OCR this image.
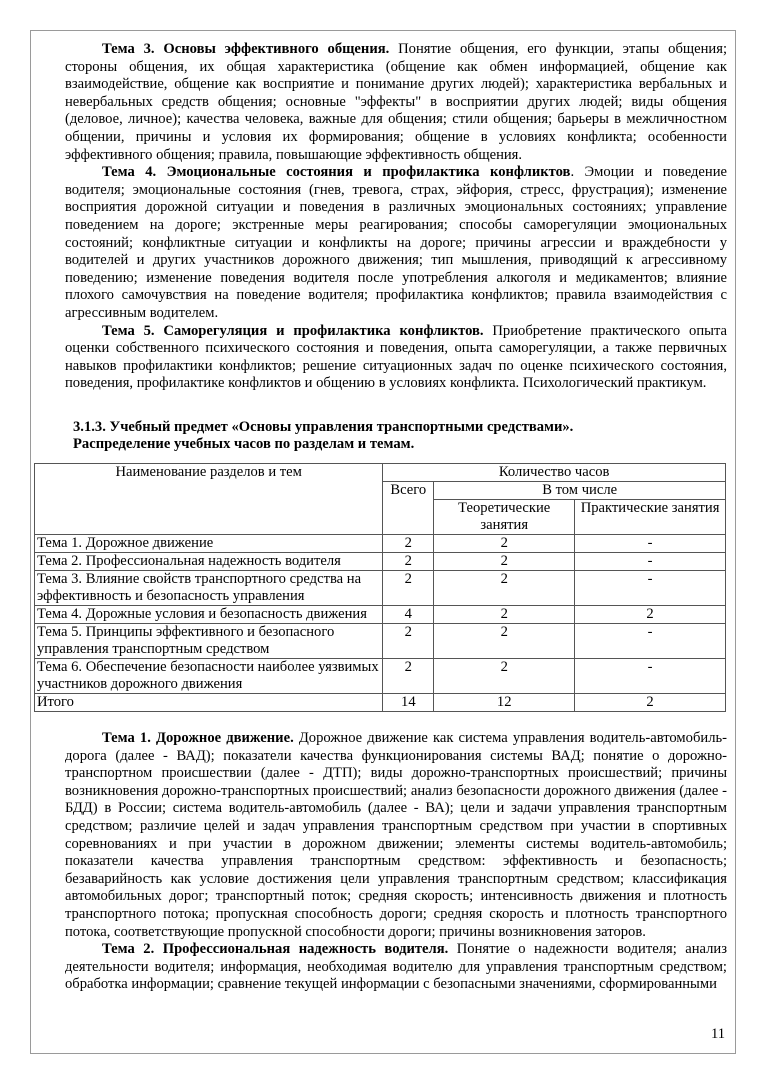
Тема 3. Основы эффективного общения. Понятие общения, его функции, этапы общения; стороны общения, их общая характеристика (общение как обмен информацией, общение как взаимодействие, общение как восприятие и понимание других людей); характеристика вербальных и невербальных средств общения; основные "эффекты" в восприятии других людей; виды общения (деловое, личное); качества человека, важные для общения; стили общения; барьеры в межличностном общении, причины и условия их формирования; общение в условиях конфликта; особенности эффективного общения; правила, повышающие эффективность общения.

Тема 4. Эмоциональные состояния и профилактика конфликтов. Эмоции и поведение водителя; эмоциональные состояния (гнев, тревога, страх, эйфория, стресс, фрустрация); изменение восприятия дорожной ситуации и поведения в различных эмоциональных состояниях; управление поведением на дороге; экстренные меры реагирования; способы саморегуляции эмоциональных состояний; конфликтные ситуации и конфликты на дороге; причины агрессии и враждебности у водителей и других участников дорожного движения; тип мышления, приводящий к агрессивному поведению; изменение поведения водителя после употребления алкоголя и медикаментов; влияние плохого самочувствия на поведение водителя; профилактика конфликтов; правила взаимодействия с агрессивным водителем.

Тема 5. Саморегуляция и профилактика конфликтов. Приобретение практического опыта оценки собственного психического состояния и поведения, опыта саморегуляции, а также первичных навыков профилактики конфликтов; решение ситуационных задач по оценке психического состояния, поведения, профилактике конфликтов и общению в условиях конфликта. Психологический практикум.

3.1.3. Учебный предмет «Основы управления транспортными средствами».
Распределение учебных часов по разделам и темам.
Наименование разделов и тем	Количество часов		
	Всего	В том числе	
		Теоретические занятия	Практические занятия
Тема 1. Дорожное движение	2	2	-
Тема 2. Профессиональная надежность водителя	2	2	-
Тема 3. Влияние свойств транспортного средства на эффективность и безопасность управления	2	2	-
Тема 4. Дорожные условия и безопасность движения	4	2	2
Тема 5. Принципы эффективного и безопасного управления транспортным средством	2	2	-
Тема 6. Обеспечение безопасности наиболее уязвимых участников дорожного движения	2	2	-
Итого	14	12	2

Тема 1. Дорожное движение. Дорожное движение как система управления водитель-автомобиль-дорога (далее - ВАД); показатели качества функционирования системы ВАД; понятие о дорожно-транспортном происшествии (далее - ДТП); виды дорожно-транспортных происшествий; причины возникновения дорожно-транспортных происшествий; анализ безопасности дорожного движения (далее - БДД) в России; система водитель-автомобиль (далее - ВА); цели и задачи управления транспортным средством; различие целей и задач управления транспортным средством при участии в спортивных соревнованиях и при участии в дорожном движении; элементы системы водитель-автомобиль; показатели качества управления транспортным средством: эффективность и безопасность; безаварийность как условие достижения цели управления транспортным средством; классификация автомобильных дорог; транспортный поток; средняя скорость; интенсивность движения и плотность транспортного потока; пропускная способность дороги; средняя скорость и плотность транспортного потока, соответствующие пропускной способности дороги; причины возникновения заторов.

Тема 2. Профессиональная надежность водителя. Понятие о надежности водителя; анализ деятельности водителя; информация, необходимая водителю для управления транспортным средством; обработка информации; сравнение текущей информации с безопасными значениями, сформированными

11
